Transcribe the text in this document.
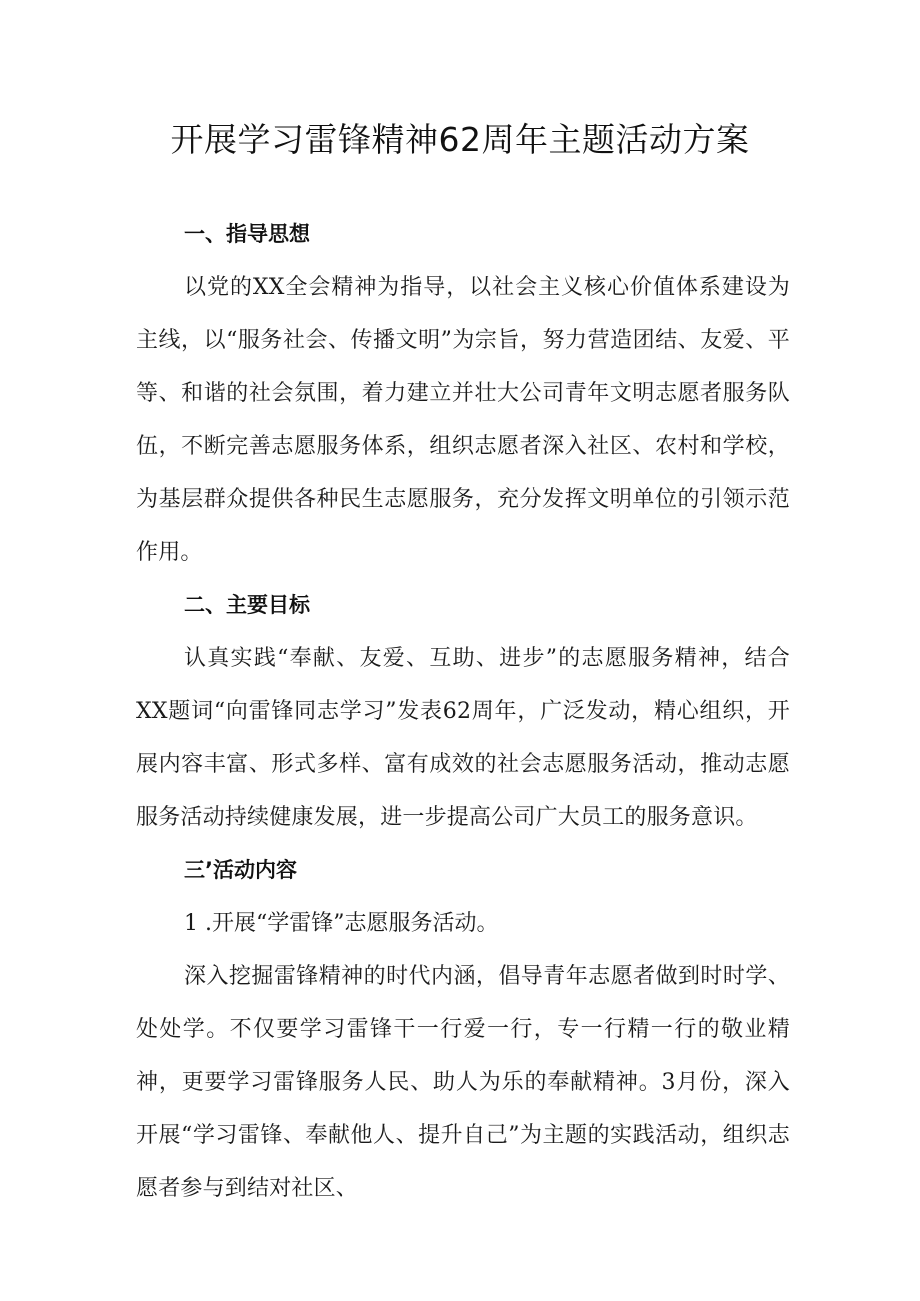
开展学习雷锋精神62周年主题活动方案
一、指导思想

以党的XX全会精神为指导，以社会主义核心价值体系建设为主线，以“服务社会、传播文明”为宗旨，努力营造团结、友爱、平等、和谐的社会氛围，着力建立并壮大公司青年文明志愿者服务队伍，不断完善志愿服务体系，组织志愿者深入社区、农村和学校，为基层群众提供各种民生志愿服务，充分发挥文明单位的引领示范作用。

二、主要目标

认真实践“奉献、友爱、互助、进步”的志愿服务精神，结合XX题词“向雷锋同志学习”发表62周年，广泛发动，精心组织，开展内容丰富、形式多样、富有成效的社会志愿服务活动，推动志愿服务活动持续健康发展，进一步提高公司广大员工的服务意识。

三’活动内容

1 .开展“学雷锋”志愿服务活动。

深入挖掘雷锋精神的时代内涵，倡导青年志愿者做到时时学、处处学。不仅要学习雷锋干一行爱一行，专一行精一行的敬业精神，更要学习雷锋服务人民、助人为乐的奉献精神。3月份，深入开展“学习雷锋、奉献他人、提升自己”为主题的实践活动，组织志愿者参与到结对社区、
